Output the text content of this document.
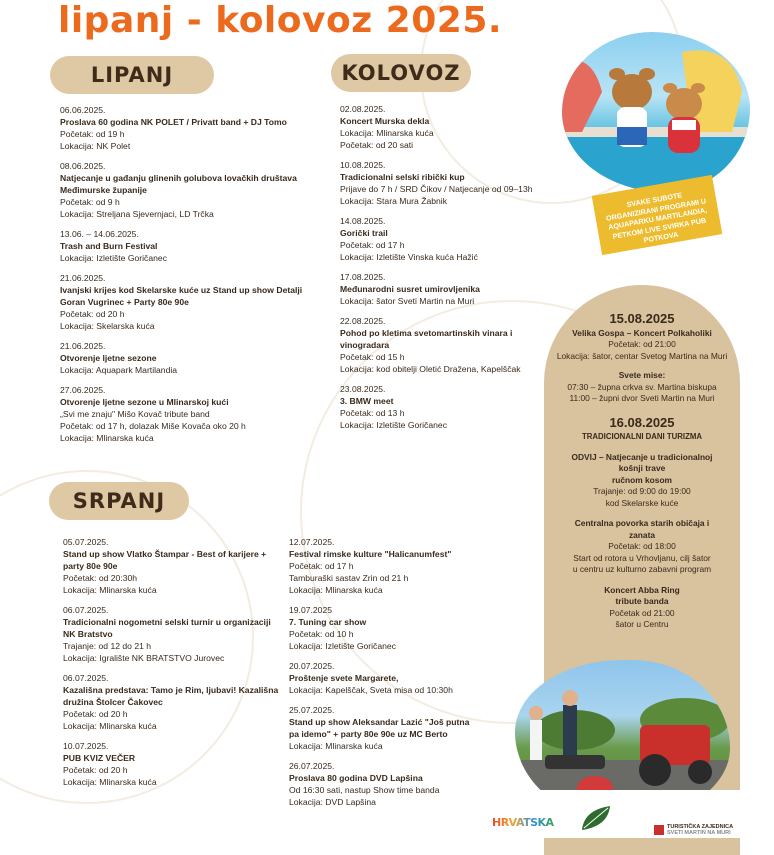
lipanj - kolovoz 2025.
LIPANJ
06.06.2025.
Proslava 60 godina NK POLET / Privatt band + DJ Tomo
Početak: od 19 h
Lokacija: NK Polet
08.06.2025.
Natjecanje u gađanju glinenih golubova lovačkih društava Međimurske županije
Početak: od 9 h
Lokacija: Streljana Sjevernjaci, LD Trčka
13.06. – 14.06.2025.
Trash and Burn Festival
Lokacija: Izletište Goričanec
21.06.2025.
Ivanjski krijes kod Skelarske kuće uz Stand up show Detalji Goran Vugrinec + Party 80e 90e
Početak: od 20 h
Lokacija: Skelarska kuća
21.06.2025.
Otvorenje ljetne sezone
Lokacija: Aquapark Martilandia
27.06.2025.
Otvorenje ljetne sezone u Mlinarskoj kući
„Svi me znaju" Mišo Kovač tribute band
Početak: od 17 h, dolazak Miše Kovača oko 20 h
Lokacija: Mlinarska kuća
KOLOVOZ
02.08.2025.
Koncert Murska dekla
Lokacija: Mlinarska kuća
Početak: od 20 sati
10.08.2025.
Tradicionalni selski ribički kup
Prijave do 7 h / SRD Čikov / Natjecanje od 09–13h
Lokacija: Stara Mura Žabnik
14.08.2025.
Gorički trail
Početak: od 17 h
Lokacija: Izletište Vinska kuća Hažić
17.08.2025.
Međunarodni susret umirovljenika
Lokacija: šator Sveti Martin na Muri
22.08.2025.
Pohod po kletima svetomartinskih vinara i vinogradara
Početak: od 15 h
Lokacija: kod obitelji Oletić Dražena, Kapelščak
23.08.2025.
3. BMW meet
Početak: od 13 h
Lokacija: Izletište Goričanec
SRPANJ
05.07.2025.
Stand up show Vlatko Štampar - Best of karijere + party 80e 90e
Početak: od 20:30h
Lokacija: Mlinarska kuća
06.07.2025.
Tradicionalni nogometni selski turnir u organizaciji NK Bratstvo
Trajanje: od 12 do 21 h
Lokacija: Igralište NK BRATSTVO Jurovec
06.07.2025.
Kazališna predstava: Tamo je Rim, ljubavi! Kazališna družina Štolcer Čakovec
Početak: od 20 h
Lokacija: Mlinarska kuća
10.07.2025.
PUB KVIZ VEČER
Početak: od 20 h
Lokacija: Mlinarska kuća
12.07.2025.
Festival rimske kulture "Halicanumfest"
Početak: od 17 h
Tamburaški sastav Zrin od 21 h
Lokacija: Mlinarska kuća
19.07.2025
7. Tuning car show
Početak: od 10 h
Lokacija: Izletište Goričanec
20.07.2025.
Proštenje svete Margarete,
Lokacija: Kapelščak, Sveta misa od 10:30h
25.07.2025.
Stand up show Aleksandar Lazić "Još putna pa idemo" + party 80e 90e uz MC Berto
Lokacija: Mlinarska kuća
26.07.2025.
Proslava 80 godina DVD Lapšina
Od 16:30 sati, nastup Show time banda
Lokacija: DVD Lapšina
SVAKE SUBOTE ORGANIZIRANI PROGRAMI U AQUAPARKU MARTILANDIA, PETKOM LIVE SVIRKA PUB POTKOVA
15.08.2025
Velika Gospa – Koncert Polkaholiki
Početak: od 21:00
Lokacija: šator, centar Svetog Martina na Muri
Svete mise:
07:30 – župna crkva sv. Martina biskupa
11:00 – župni dvor Sveti Martin na Muri
16.08.2025
TRADICIONALNI DANI TURIZMA
ODVIJ – Natjecanje u tradicionalnoj
košnji trave
ručnom kosom
Trajanje: od 9:00 do 19:00
kod Skelarske kuće
Centralna povorka starih običaja i
zanata
Početak: od 18:00
Start od rotora u Vrhovljanu, cilj šator
u centru uz kulturno zabavni program
Koncert Abba Ring
tribute banda
Početak od 21:00
šator u Centru
HRVATSKA	TURISTIČKA ZAJEDNICA
SVETI MARTIN NA MURI
